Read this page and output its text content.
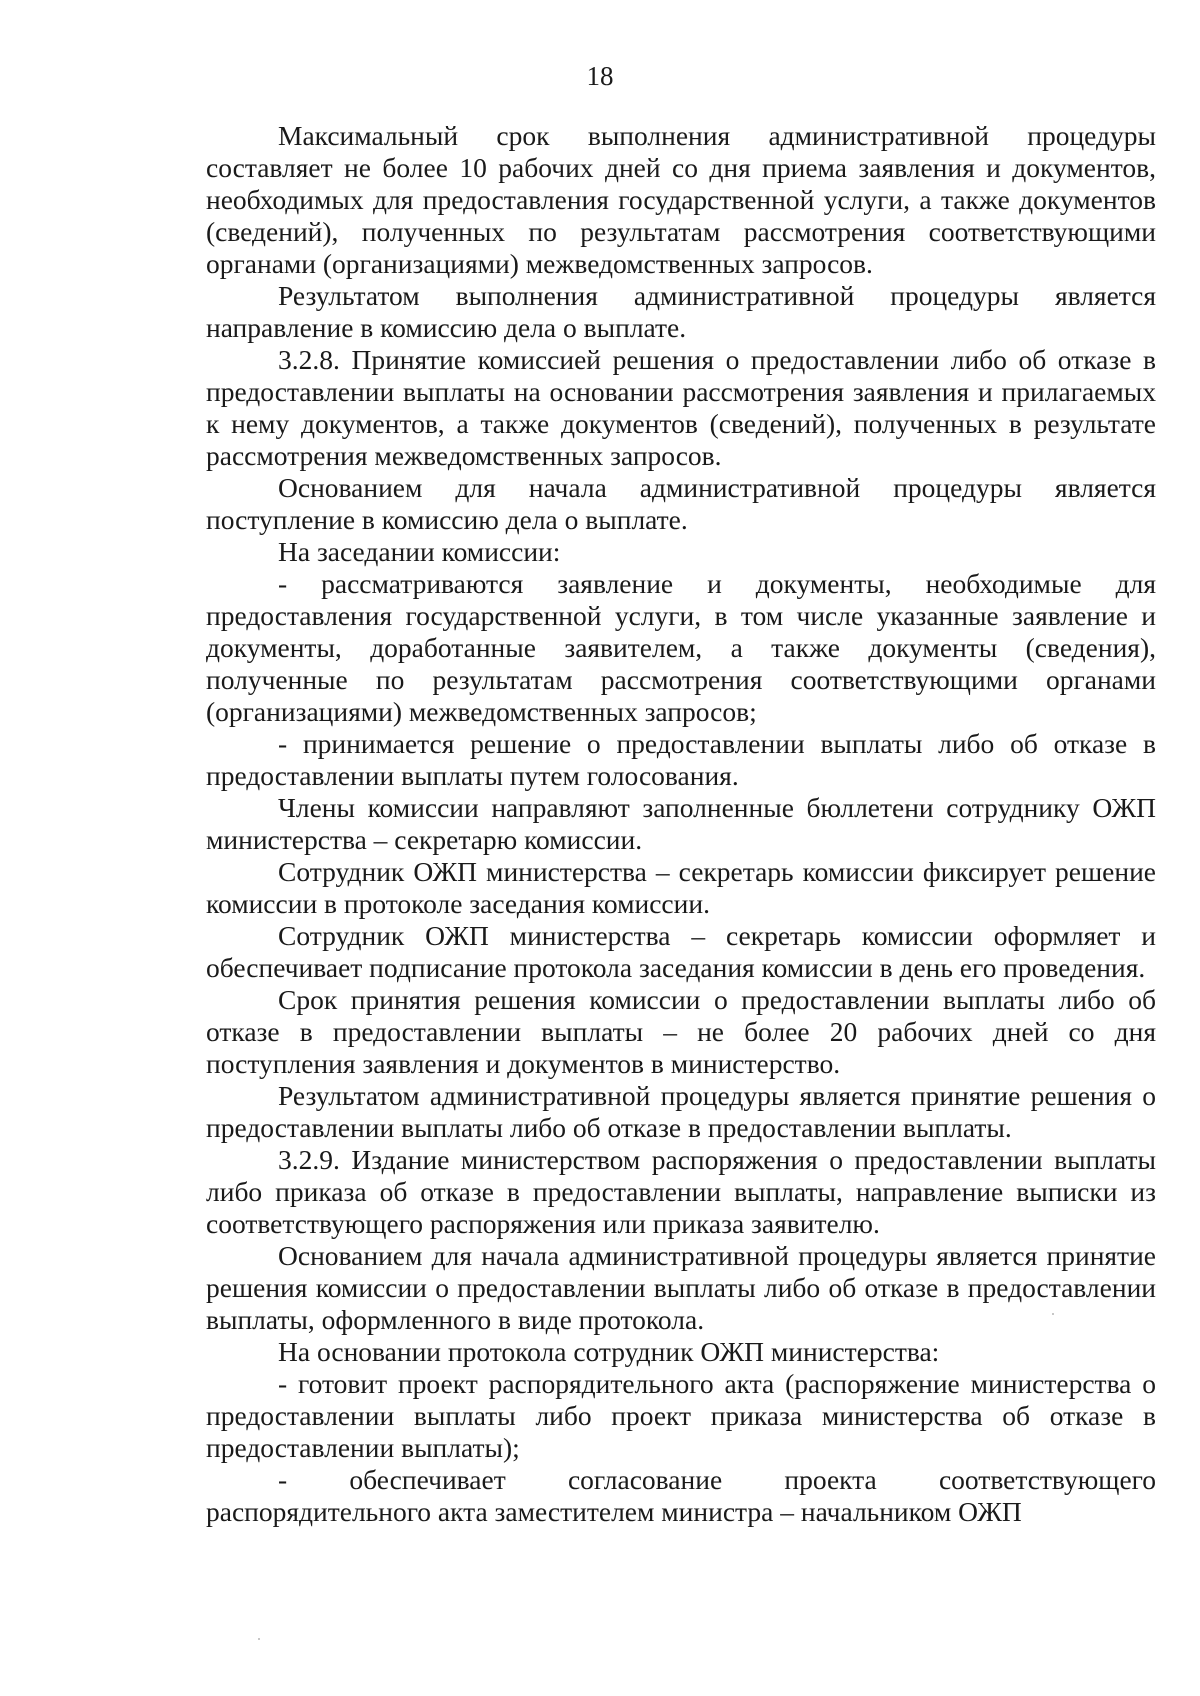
18

Максимальный срок выполнения административной процедуры составляет не более 10 рабочих дней со дня приема заявления и документов, необходимых для предоставления государственной услуги, а также документов (сведений), полученных по результатам рассмотрения соответствующими органами (организациями) межведомственных запросов.

Результатом выполнения административной процедуры является направление в комиссию дела о выплате.

3.2.8. Принятие комиссией решения о предоставлении либо об отказе в предоставлении выплаты на основании рассмотрения заявления и прилагаемых к нему документов, а также документов (сведений), полученных в результате рассмотрения межведомственных запросов.

Основанием для начала административной процедуры является поступление в комиссию дела о выплате.

На заседании комиссии:

- рассматриваются заявление и документы, необходимые для предоставления государственной услуги, в том числе указанные заявление и документы, доработанные заявителем, а также документы (сведения), полученные по результатам рассмотрения соответствующими органами (организациями) межведомственных запросов;

- принимается решение о предоставлении выплаты либо об отказе в предоставлении выплаты путем голосования.

Члены комиссии направляют заполненные бюллетени сотруднику ОЖП министерства – секретарю комиссии.

Сотрудник ОЖП министерства – секретарь комиссии фиксирует решение комиссии в протоколе заседания комиссии.

Сотрудник ОЖП министерства – секретарь комиссии оформляет и обеспечивает подписание протокола заседания комиссии в день его проведения.

Срок принятия решения комиссии о предоставлении выплаты либо об отказе в предоставлении выплаты – не более 20 рабочих дней со дня поступления заявления и документов в министерство.

Результатом административной процедуры является принятие решения о предоставлении выплаты либо об отказе в предоставлении выплаты.

3.2.9. Издание министерством распоряжения о предоставлении выплаты либо приказа об отказе в предоставлении выплаты, направление выписки из соответствующего распоряжения или приказа заявителю.

Основанием для начала административной процедуры является принятие решения комиссии о предоставлении выплаты либо об отказе в предоставлении выплаты, оформленного в виде протокола.

На основании протокола сотрудник ОЖП министерства:

- готовит проект распорядительного акта (распоряжение министерства о предоставлении выплаты либо проект приказа министерства об отказе в предоставлении выплаты);

- обеспечивает согласование проекта соответствующего распорядительного акта заместителем министра – начальником ОЖП
